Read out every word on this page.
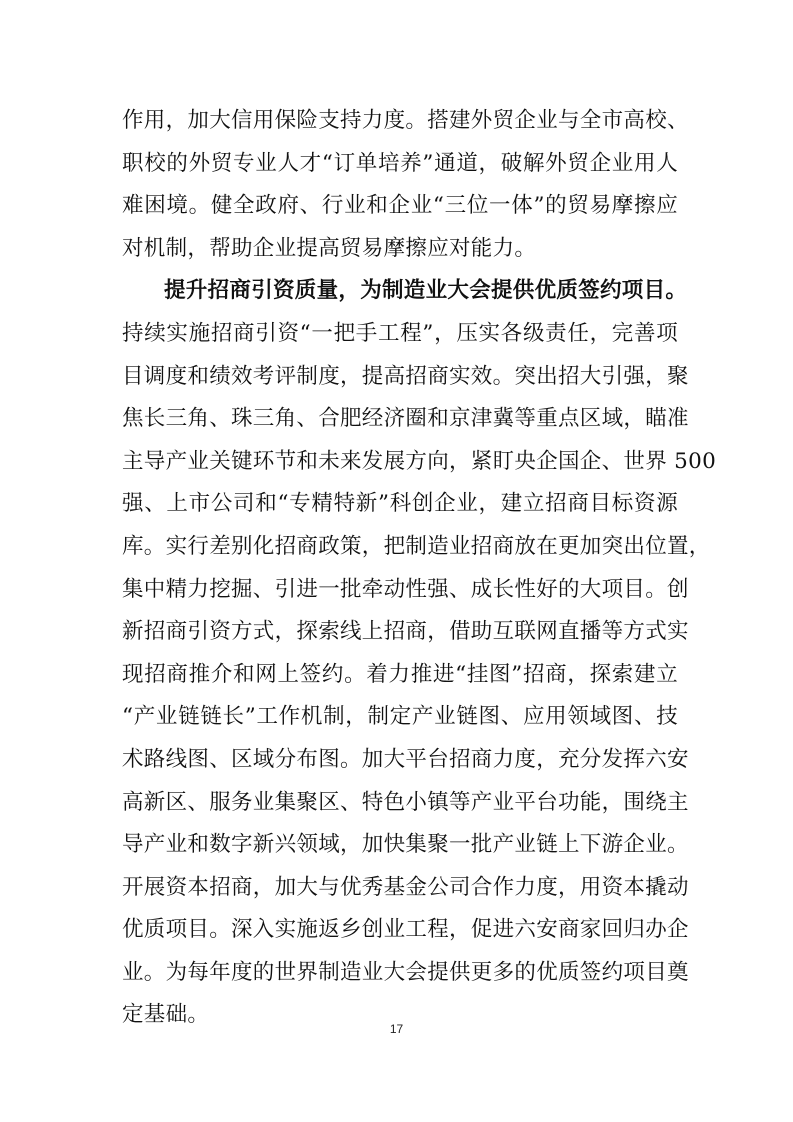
作用，加大信用保险支持力度。搭建外贸企业与全市高校、
职校的外贸专业人才“订单培养”通道，破解外贸企业用人
难困境。健全政府、行业和企业“三位一体”的贸易摩擦应
对机制，帮助企业提高贸易摩擦应对能力。
提升招商引资质量，为制造业大会提供优质签约项目。
持续实施招商引资“一把手工程”，压实各级责任，完善项
目调度和绩效考评制度，提高招商实效。突出招大引强，聚
焦长三角、珠三角、合肥经济圈和京津冀等重点区域，瞄准
主导产业关键环节和未来发展方向，紧盯央企国企、世界 500
强、上市公司和“专精特新”科创企业，建立招商目标资源
库。实行差别化招商政策，把制造业招商放在更加突出位置，
集中精力挖掘、引进一批牵动性强、成长性好的大项目。创
新招商引资方式，探索线上招商，借助互联网直播等方式实
现招商推介和网上签约。着力推进“挂图”招商，探索建立
“产业链链长”工作机制，制定产业链图、应用领域图、技
术路线图、区域分布图。加大平台招商力度，充分发挥六安
高新区、服务业集聚区、特色小镇等产业平台功能，围绕主
导产业和数字新兴领域，加快集聚一批产业链上下游企业。
开展资本招商，加大与优秀基金公司合作力度，用资本撬动
优质项目。深入实施返乡创业工程，促进六安商家回归办企
业。为每年度的世界制造业大会提供更多的优质签约项目奠
定基础。
17
